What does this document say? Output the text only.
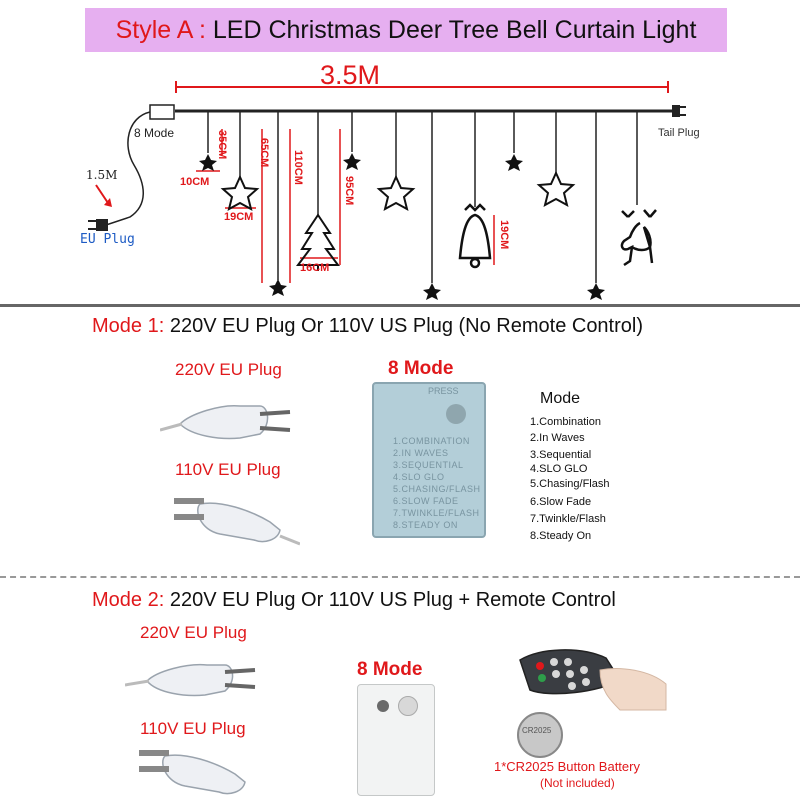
Style A : LED Christmas Deer Tree Bell Curtain Light
3.5M
8 Mode
1.5M
EU Plug
Tail Plug
35CM
10CM
65CM
19CM
110CM
16CM
95CM
19CM
Mode 1: 220V EU Plug Or 110V US Plug (No Remote Control)
220V EU Plug
110V EU Plug
8 Mode
PRESS
1.COMBINATION
2.IN WAVES
3.SEQUENTIAL
4.SLO GLO
5.CHASING/FLASH
6.SLOW FADE
7.TWINKLE/FLASH
8.STEADY ON
Mode
1.Combination
2.In Waves
3.Sequential
4.SLO GLO
5.Chasing/Flash
6.Slow Fade
7.Twinkle/Flash
8.Steady On
Mode 2: 220V EU Plug Or 110V US Plug + Remote Control
220V EU Plug
110V EU Plug
8 Mode
CR2025
1*CR2025 Button Battery
(Not included)
